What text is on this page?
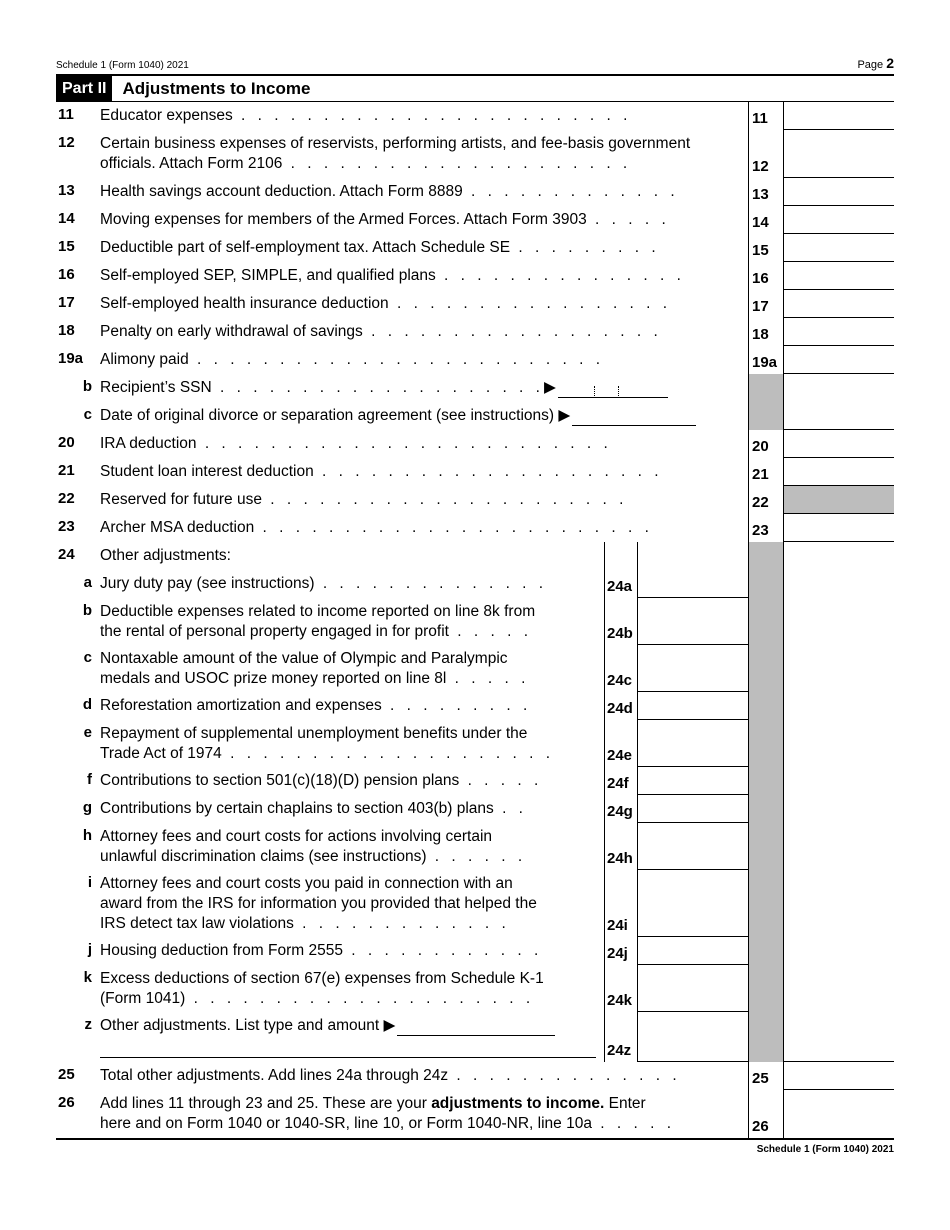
Schedule 1 (Form 1040) 2021	Page 2
Part II Adjustments to Income
11	Educator expenses . . . . . . . . . . . . . . . . . . . . . . . .	11
12	Certain business expenses of reservists, performing artists, and fee-basis government
officials. Attach Form 2106 . . . . . . . . . . . . . . . . . . . . .	12
13	Health savings account deduction. Attach Form 8889 . . . . . . . . . . . . .	13
14	Moving expenses for members of the Armed Forces. Attach Form 3903 . . . . .	14
15	Deductible part of self-employment tax. Attach Schedule SE . . . . . . . . .	15
16	Self-employed SEP, SIMPLE, and qualified plans . . . . . . . . . . . . . . .	16
17	Self-employed health insurance deduction . . . . . . . . . . . . . . . . .	17
18	Penalty on early withdrawal of savings . . . . . . . . . . . . . . . . . .	18
19a	Alimony paid . . . . . . . . . . . . . . . . . . . . . . . . .	19a
b Recipient’s SSN . . . . . . . . . . . . . . . . . . . .▶
c Date of original divorce or separation agreement (see instructions) ▶
20	IRA deduction . . . . . . . . . . . . . . . . . . . . . . . . .	20
21	Student loan interest deduction . . . . . . . . . . . . . . . . . . . . .	21
22	Reserved for future use . . . . . . . . . . . . . . . . . . . . . .	22
23	Archer MSA deduction . . . . . . . . . . . . . . . . . . . . . . . .	23
24	Other adjustments:
a Jury duty pay (see instructions) . . . . . . . . . . . . . .	24a
b Deductible expenses related to income reported on line 8k from
the rental of personal property engaged in for profit . . . . .	24b
c Nontaxable amount of the value of Olympic and Paralympic
medals and USOC prize money reported on line 8l . . . . .	24c
d Reforestation amortization and expenses . . . . . . . . .	24d
e Repayment of supplemental unemployment benefits under the
Trade Act of 1974 . . . . . . . . . . . . . . . . . . . .	24e
f Contributions to section 501(c)(18)(D) pension plans . . . . .	24f
g Contributions by certain chaplains to section 403(b) plans . .	24g
h Attorney fees and court costs for actions involving certain
unlawful discrimination claims (see instructions) . . . . . .	24h
i Attorney fees and court costs you paid in connection with an
award from the IRS for information you provided that helped the
IRS detect tax law violations . . . . . . . . . . . . .	24i
j Housing deduction from Form 2555 . . . . . . . . . . . .	24j
k Excess deductions of section 67(e) expenses from Schedule K-1
(Form 1041) . . . . . . . . . . . . . . . . . . . . .	24k
z Other adjustments. List type and amount ▶
24z
25	Total other adjustments. Add lines 24a through 24z . . . . . . . . . . . . . .	25
26	Add lines 11 through 23 and 25. These are your adjustments to income. Enter
here and on Form 1040 or 1040-SR, line 10, or Form 1040-NR, line 10a . . . . .	26
Schedule 1 (Form 1040) 2021
